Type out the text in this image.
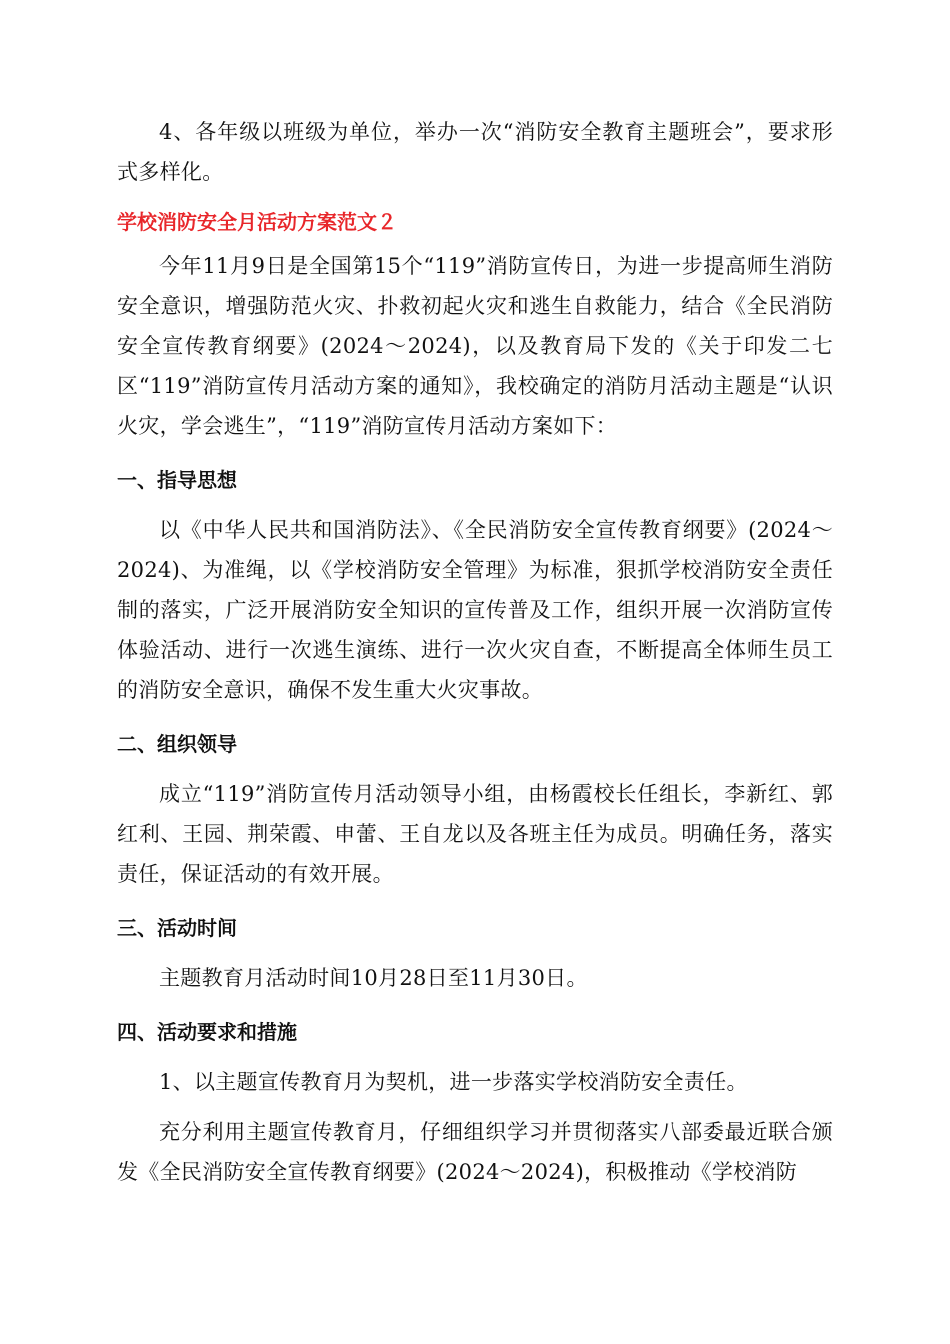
4、各年级以班级为单位，举办一次“消防安全教育主题班会”，要求形式多样化。

学校消防安全月活动方案范文２

今年11月9日是全国第15个“119”消防宣传日，为进一步提高师生消防安全意识，增强防范火灾、扑救初起火灾和逃生自救能力，结合《全民消防安全宣传教育纲要》(2024～2024)，以及教育局下发的《关于印发二七区“119”消防宣传月活动方案的通知》，我校确定的消防月活动主题是“认识火灾，学会逃生”，“119”消防宣传月活动方案如下：

一、指导思想

以《中华人民共和国消防法》、《全民消防安全宣传教育纲要》(2024～2024)、为准绳，以《学校消防安全管理》为标准，狠抓学校消防安全责任制的落实，广泛开展消防安全知识的宣传普及工作，组织开展一次消防宣传体验活动、进行一次逃生演练、进行一次火灾自查，不断提高全体师生员工的消防安全意识，确保不发生重大火灾事故。

二、组织领导

成立“119”消防宣传月活动领导小组，由杨霞校长任组长，李新红、郭红利、王园、荆荣霞、申蕾、王自龙以及各班主任为成员。明确任务，落实责任，保证活动的有效开展。

三、活动时间

主题教育月活动时间10月28日至11月30日。

四、活动要求和措施

1、以主题宣传教育月为契机，进一步落实学校消防安全责任。

充分利用主题宣传教育月，仔细组织学习并贯彻落实八部委最近联合颁发《全民消防安全宣传教育纲要》(2024～2024)，积极推动《学校消防
